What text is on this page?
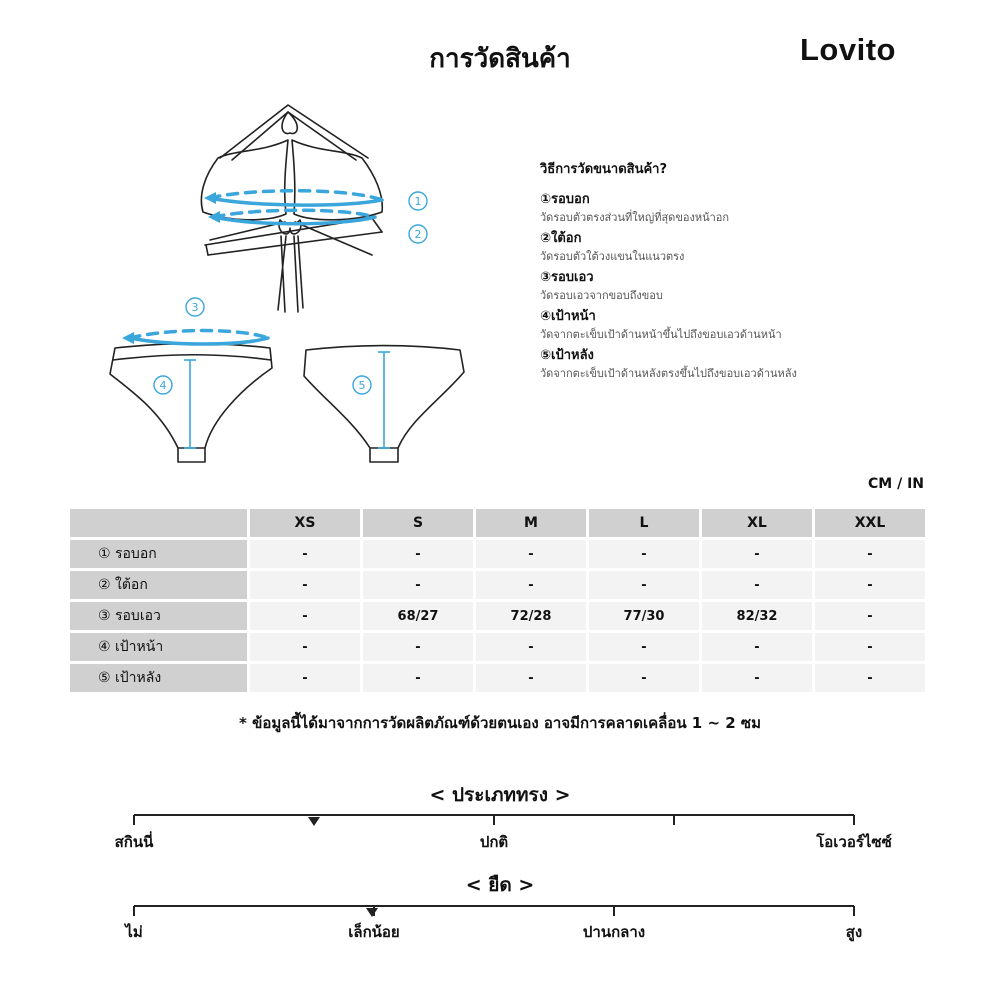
การวัดสินค้า	Lovito
1
2
3
4	5
วิธีการวัดขนาดสินค้า?
①รอบอก
วัดรอบตัวตรงส่วนที่ใหญ่ที่สุดของหน้าอก
②ใต้อก
วัดรอบตัวใต้วงแขนในแนวตรง
③รอบเอว
วัดรอบเอวจากขอบถึงขอบ
④เป้าหน้า
วัดจากตะเข็บเป้าด้านหน้าขึ้นไปถึงขอบเอวด้านหน้า
⑤เป้าหลัง
วัดจากตะเข็บเป้าด้านหลังตรงขึ้นไปถึงขอบเอวด้านหลัง
CM / IN
	XS	S	M	L	XL	XXL
① รอบอก	-	-	-	-	-	-
② ใต้อก	-	-	-	-	-	-
③ รอบเอว	-	68/27	72/28	77/30	82/32	-
④ เป้าหน้า	-	-	-	-	-	-
⑤ เป้าหลัง	-	-	-	-	-	-
* ข้อมูลนี้ได้มาจากการวัดผลิตภัณฑ์ด้วยตนเอง อาจมีการคลาดเคลื่อน 1 ~ 2 ซม
< ประเภททรง >
สกินนี่	ปกติ	โอเวอร์ไซซ์
< ยืด >
ไม่	เล็กน้อย	ปานกลาง	สูง
